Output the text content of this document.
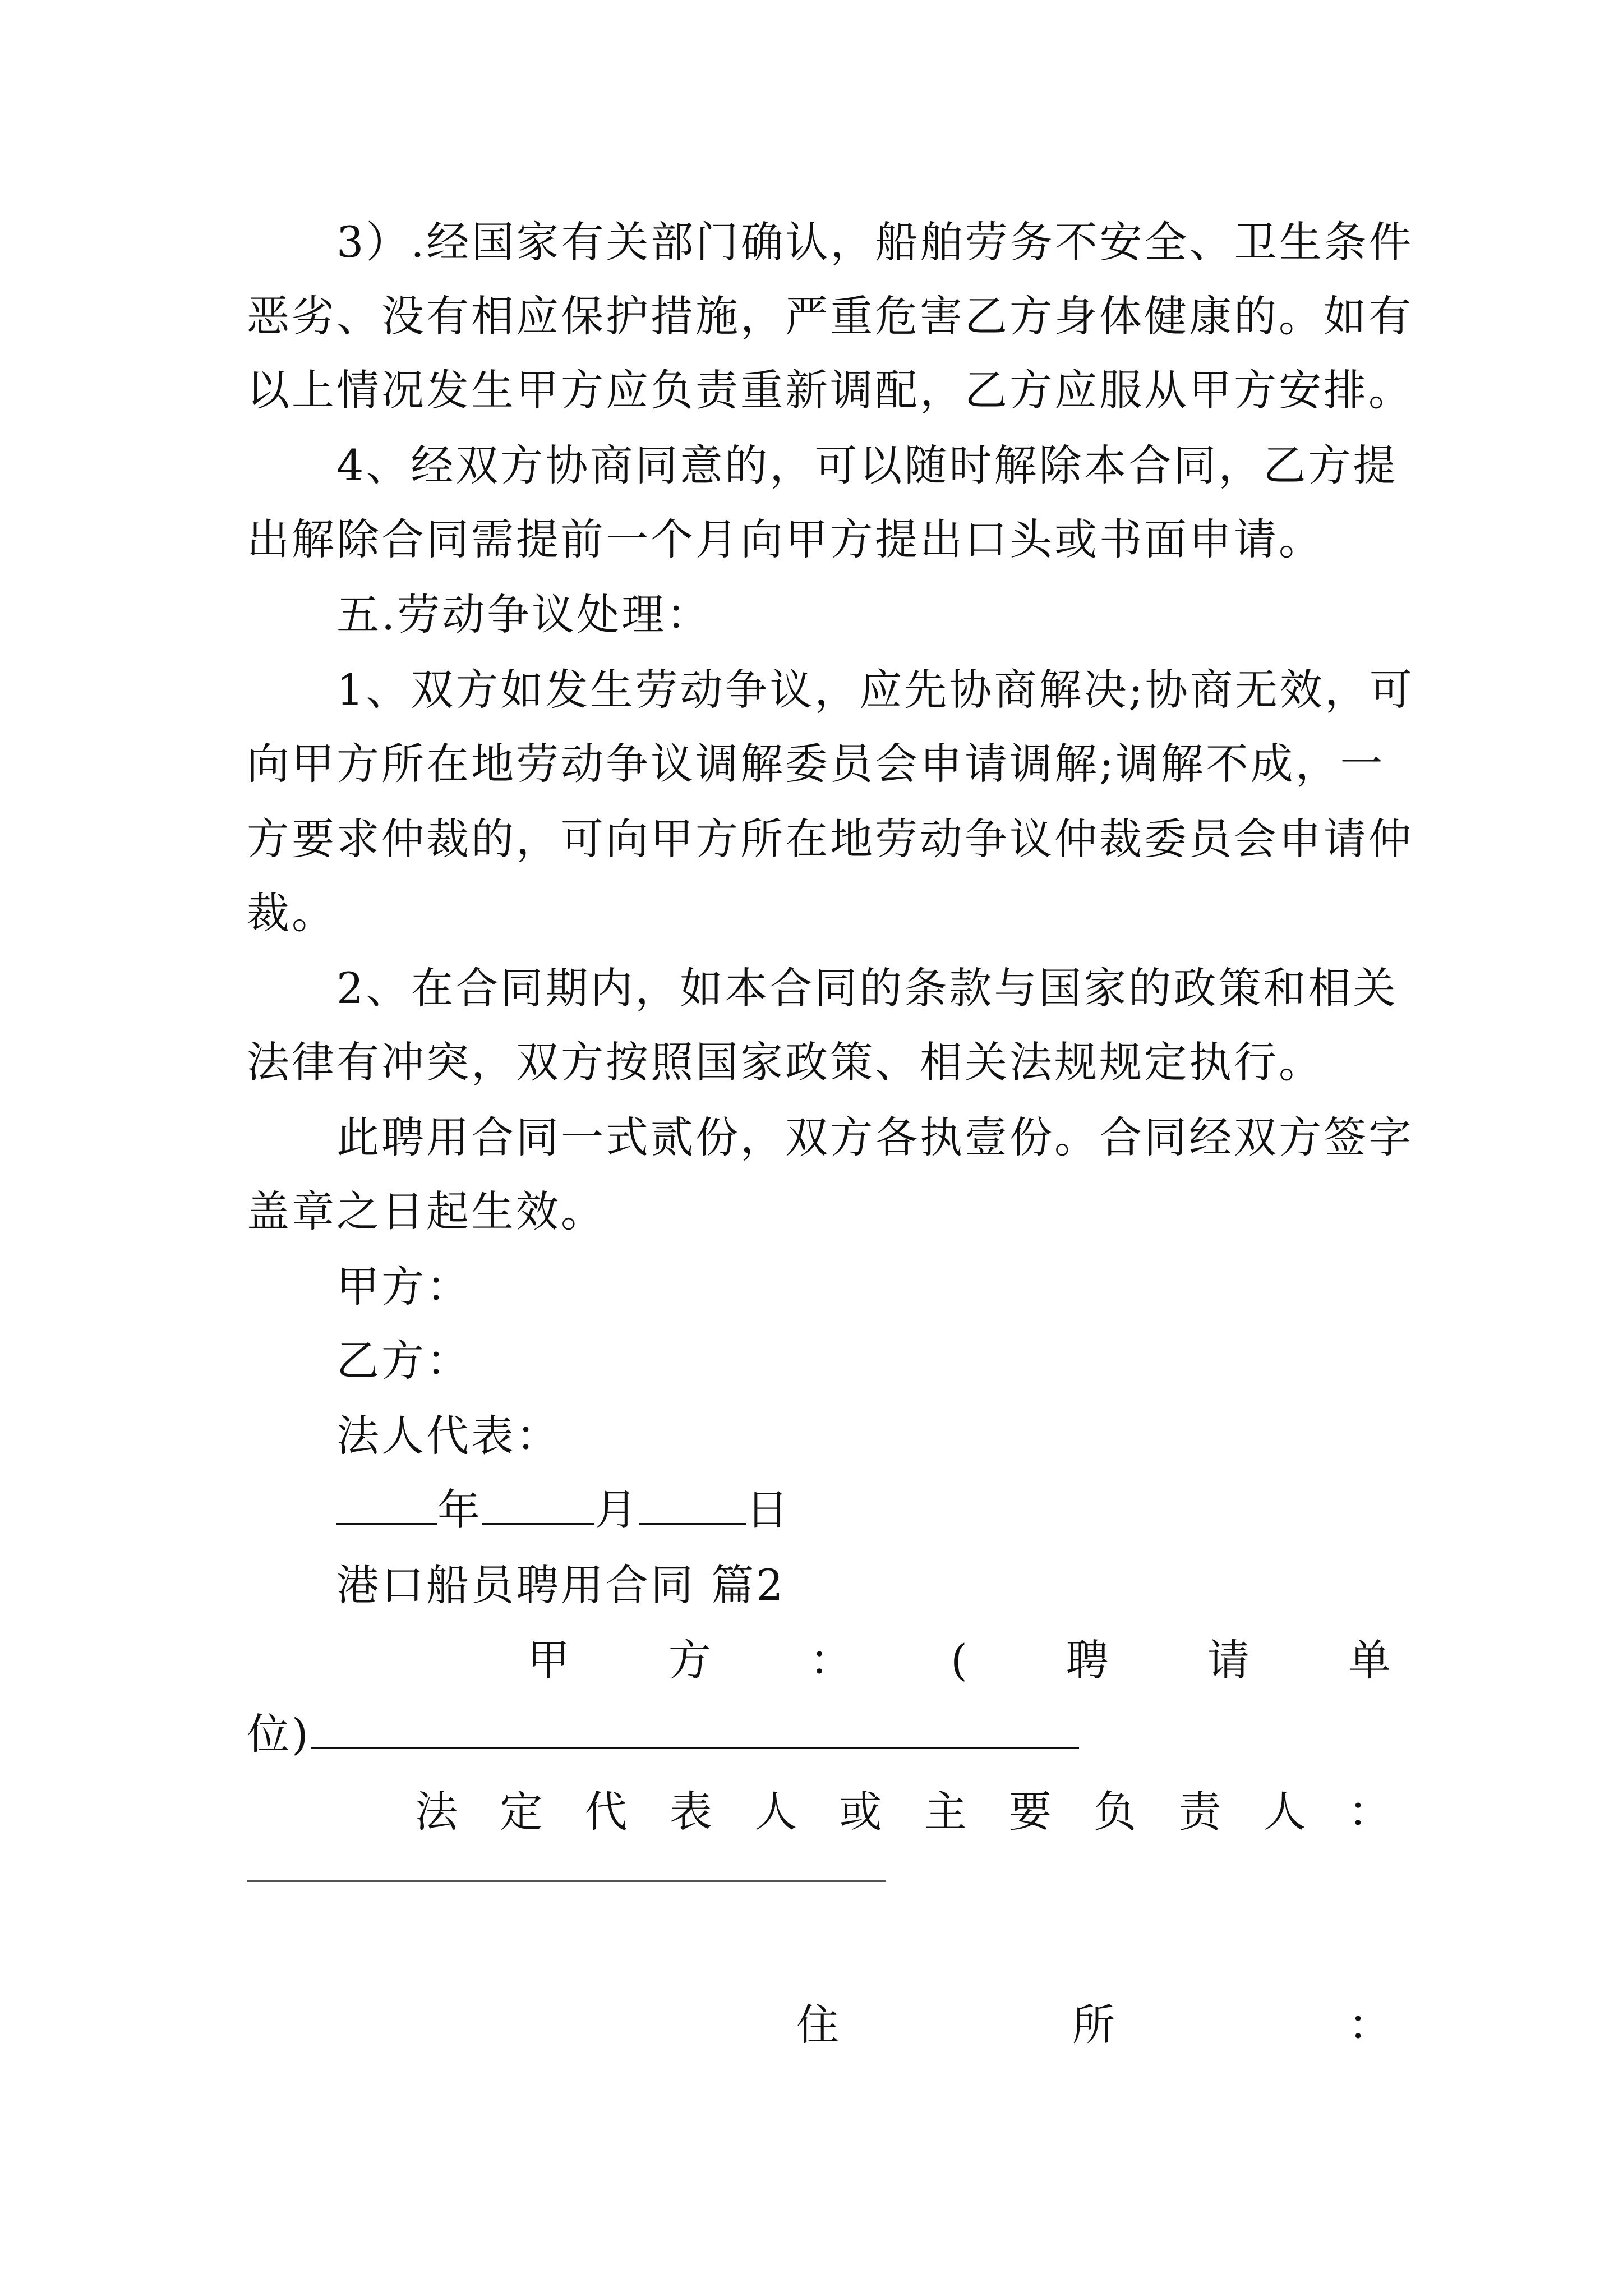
3）.经国家有关部门确认，船舶劳务不安全、卫生条件
恶劣、没有相应保护措施，严重危害乙方身体健康的。如有
以上情况发生甲方应负责重新调配，乙方应服从甲方安排。
4、经双方协商同意的，可以随时解除本合同，乙方提
出解除合同需提前一个月向甲方提出口头或书面申请。
五.劳动争议处理：
1、双方如发生劳动争议，应先协商解决;协商无效，可
向甲方所在地劳动争议调解委员会申请调解;调解不成，一
方要求仲裁的，可向甲方所在地劳动争议仲裁委员会申请仲
裁。
2、在合同期内，如本合同的条款与国家的政策和相关
法律有冲突，双方按照国家政策、相关法规规定执行。
此聘用合同一式贰份，双方各执壹份。合同经双方签字
盖章之日起生效。
甲方：
乙方：
法人代表：
年	月	日
港口船员聘用合同 篇2
甲 方 ： ( 聘 请 单
位)
法 定 代 表 人 或 主 要 负 责 人 ：
住	所	：
